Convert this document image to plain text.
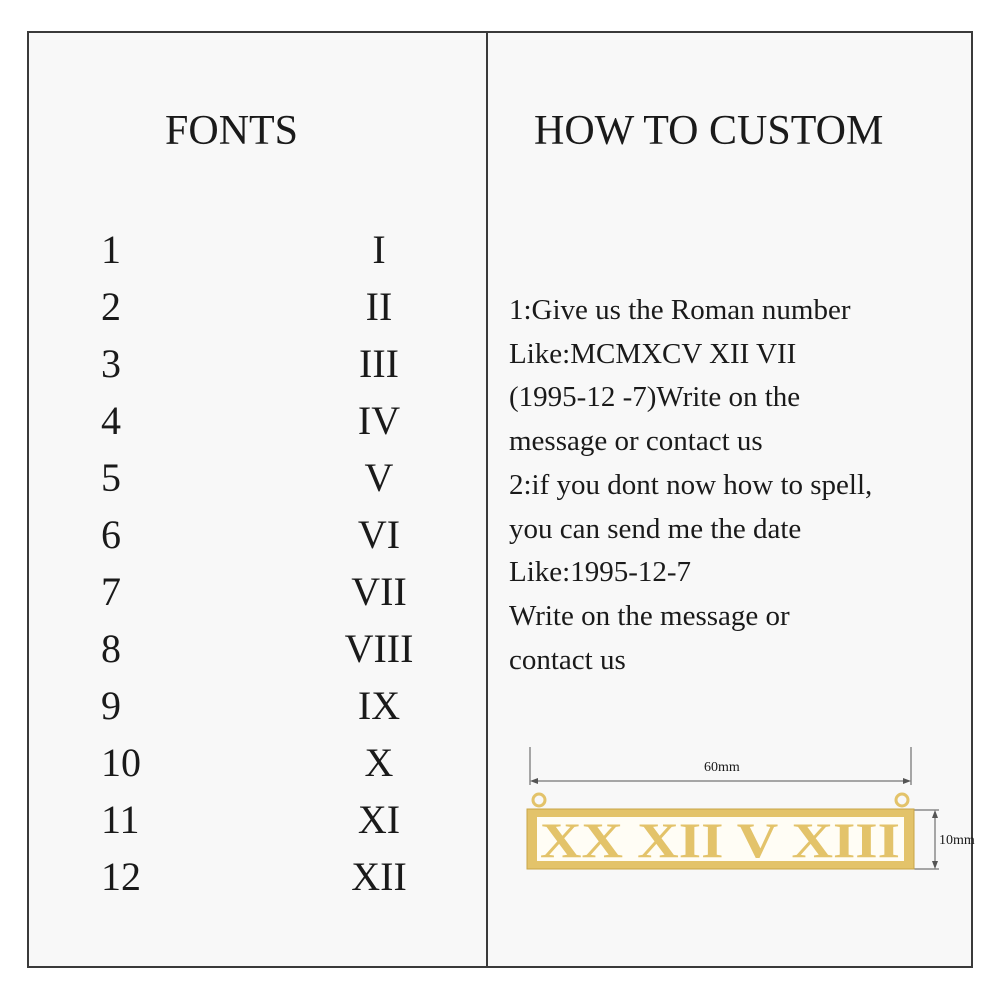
FONTS	HOW TO CUSTOM
1
2
3
4
5
6
7
8
9
10
11
12
I
II
III
IV
V
VI
VII
VIII
IX
X
XI
XII
1:Give us the Roman number
Like:MCMXCV XII VII
(1995-12 -7)Write on the
message or contact us
2:if you dont now how to spell,
you can send me the date
Like:1995-12-7
Write on the message or
contact us
XX XII V XIII
60mm
10mm
